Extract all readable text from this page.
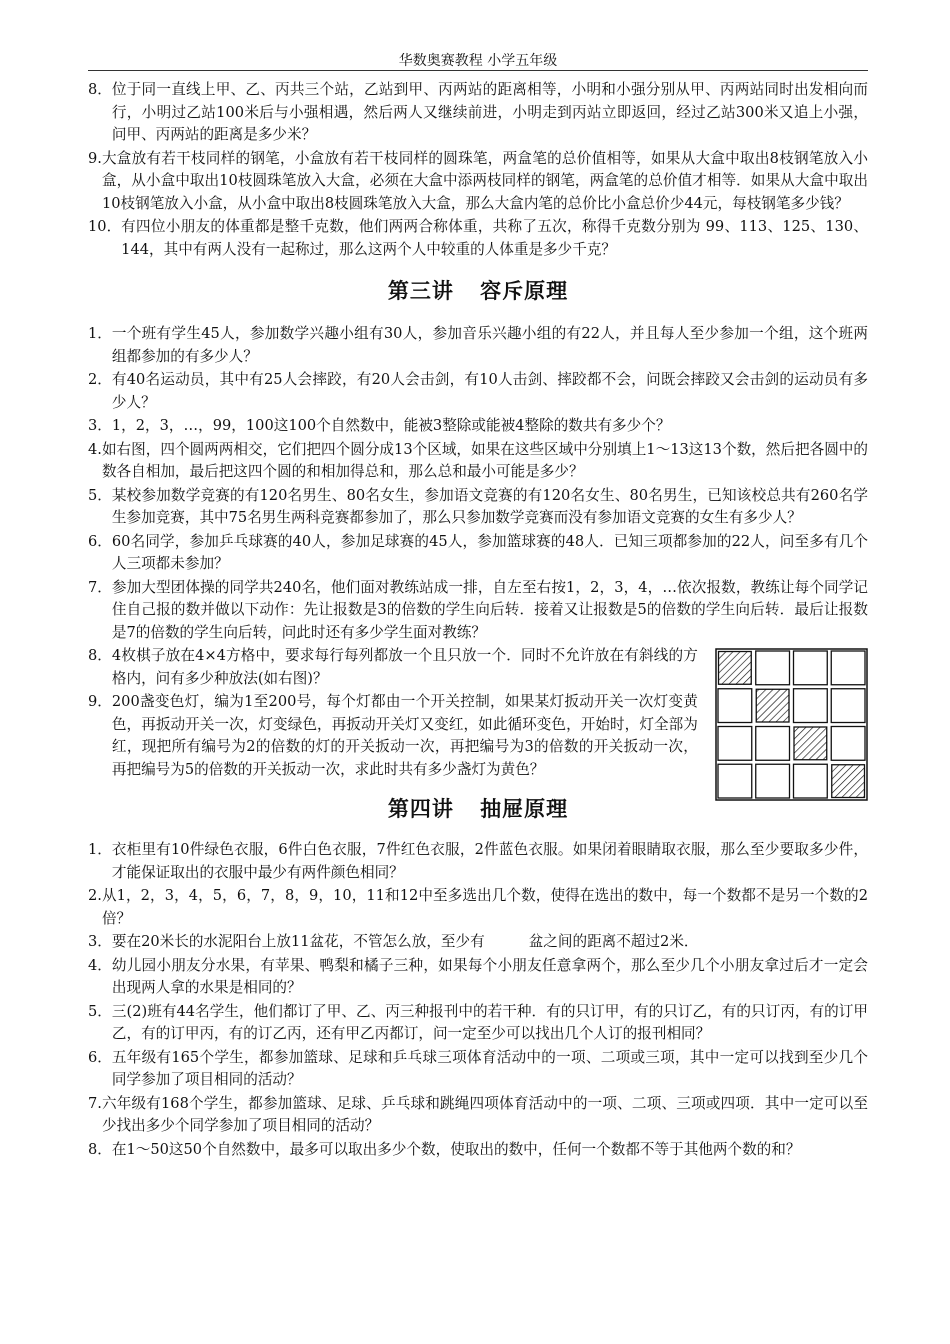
华数奥赛教程 小学五年级
8． 位于同一直线上甲、乙、丙共三个站，乙站到甲、丙两站的距离相等，小明和小强分别从甲、丙两站同时出发相向而行，小明过乙站100米后与小强相遇，然后两人又继续前进，小明走到丙站立即返回，经过乙站300米又追上小强，问甲、丙两站的距离是多少米？
9. 大盒放有若干枝同样的钢笔，小盒放有若干枝同样的圆珠笔，两盒笔的总价值相等，如果从大盒中取出8枝钢笔放入小盒，从小盒中取出10枝圆珠笔放入大盒，必须在大盒中添两枝同样的钢笔，两盒笔的总价值才相等．如果从大盒中取出10枝钢笔放入小盒，从小盒中取出8枝圆珠笔放入大盒，那么大盒内笔的总价比小盒总价少44元，每枝钢笔多少钱？
10． 有四位小朋友的体重都是整千克数，他们两两合称体重，共称了五次，称得千克数分别为 99、113、125、130、144，其中有两人没有一起称过，那么这两个人中较重的人体重是多少千克？
第三讲 容斥原理
1． 一个班有学生45人，参加数学兴趣小组有30人，参加音乐兴趣小组的有22人，并且每人至少参加一个组，这个班两组都参加的有多少人？
2． 有40名运动员，其中有25人会摔跤，有20人会击剑，有10人击剑、摔跤都不会，问既会摔跤又会击剑的运动员有多少人？
3． 1，2，3，…，99，100这100个自然数中，能被3整除或能被4整除的数共有多少个？
4. 如右图，四个圆两两相交，它们把四个圆分成13个区域，如果在这些区域中分别填上1～13这13个数，然后把各圆中的数各自相加，最后把这四个圆的和相加得总和，那么总和最小可能是多少？
5． 某校参加数学竞赛的有120名男生、80名女生，参加语文竞赛的有120名女生、80名男生，已知该校总共有260名学生参加竞赛，其中75名男生两科竞赛都参加了，那么只参加数学竞赛而没有参加语文竞赛的女生有多少人？
6． 60名同学，参加乒乓球赛的40人，参加足球赛的45人，参加篮球赛的48人．已知三项都参加的22人，问至多有几个人三项都未参加？
7． 参加大型团体操的同学共240名，他们面对教练站成一排，自左至右按1，2，3，4，…依次报数，教练让每个同学记住自己报的数并做以下动作：先让报数是3的倍数的学生向后转．接着又让报数是5的倍数的学生向后转．最后让报数是7的倍数的学生向后转，问此时还有多少学生面对教练？
8． 4枚棋子放在4×4方格中，要求每行每列都放一个且只放一个．同时不允许放在有斜线的方格内，问有多少种放法(如右图)？
9． 200盏变色灯，编为1至200号，每个灯都由一个开关控制，如果某灯扳动开关一次灯变黄色，再扳动开关一次，灯变绿色，再扳动开关灯又变红，如此循环变色，开始时，灯全部为红，现把所有编号为2的倍数的灯的开关扳动一次，再把编号为3的倍数的开关扳动一次，再把编号为5的倍数的开关扳动一次，求此时共有多少盏灯为黄色？
第四讲 抽屉原理
1． 衣柜里有10件绿色衣服，6件白色衣服，7件红色衣服，2件蓝色衣服。如果闭着眼睛取衣服，那么至少要取多少件，才能保证取出的衣服中最少有两件颜色相同？
2. 从1，2，3，4，5，6，7，8，9，10，11和12中至多选出几个数，使得在选出的数中，每一个数都不是另一个数的2倍？
3． 要在20米长的水泥阳台上放11盆花，不管怎么放，至少有	盆之间的距离不超过2米．
4． 幼儿园小朋友分水果，有苹果、鸭梨和橘子三种，如果每个小朋友任意拿两个，那么至少几个小朋友拿过后才一定会出现两人拿的水果是相同的？
5． 三(2)班有44名学生，他们都订了甲、乙、丙三种报刊中的若干种．有的只订甲，有的只订乙，有的只订丙，有的订甲乙，有的订甲丙，有的订乙丙，还有甲乙丙都订，问一定至少可以找出几个人订的报刊相同？
6． 五年级有165个学生，都参加篮球、足球和乒乓球三项体育活动中的一项、二项或三项，其中一定可以找到至少几个同学参加了项目相同的活动？
7. 六年级有168个学生，都参加篮球、足球、乒乓球和跳绳四项体育活动中的一项、二项、三项或四项．其中一定可以至少找出多少个同学参加了项目相同的活动？
8． 在1～50这50个自然数中，最多可以取出多少个数，使取出的数中，任何一个数都不等于其他两个数的和？
